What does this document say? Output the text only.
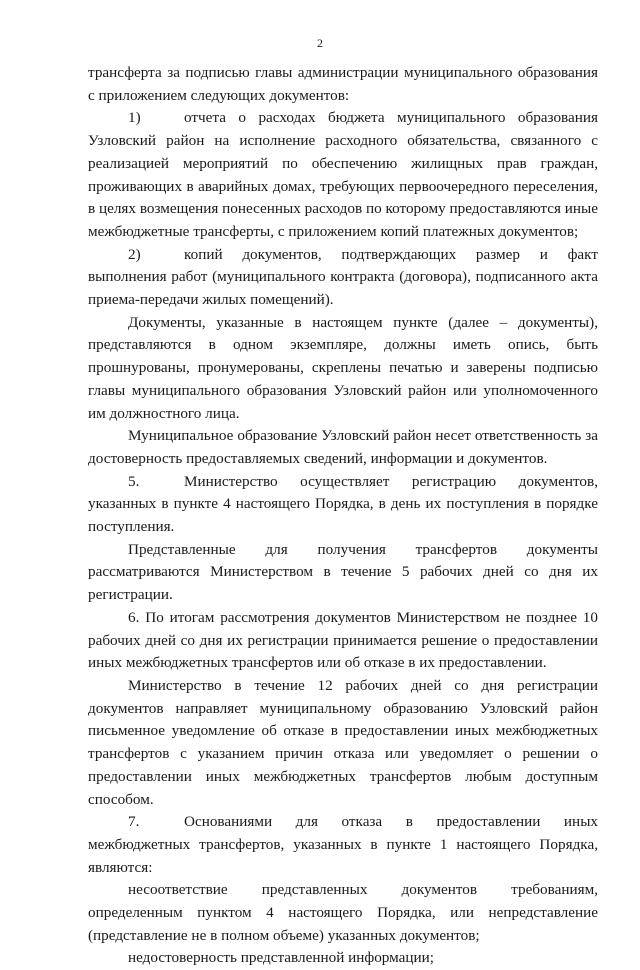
2

трансферта за подписью главы администрации муниципального образования с приложением следующих документов:

1)	отчета о расходах бюджета муниципального образования Узловский район на исполнение расходного обязательства, связанного с реализацией мероприятий по обеспечению жилищных прав граждан, проживающих в аварийных домах, требующих первоочередного переселения, в целях возмещения понесенных расходов по которому предоставляются иные межбюджетные трансферты, с приложением копий платежных документов;

2)	копий документов, подтверждающих размер и факт выполнения работ (муниципального контракта (договора), подписанного акта приема-передачи жилых помещений).

Документы, указанные в настоящем пункте (далее – документы), представляются в одном экземпляре, должны иметь опись, быть прошнурованы, пронумерованы, скреплены печатью и заверены подписью главы муниципального образования Узловский район или уполномоченного им должностного лица.

Муниципальное образование Узловский район несет ответственность за достоверность предоставляемых сведений, информации и документов.

5.	Министерство осуществляет регистрацию документов, указанных в пункте 4 настоящего Порядка, в день их поступления в порядке поступления.

Представленные для получения трансфертов документы рассматриваются Министерством в течение 5 рабочих дней со дня их регистрации.

6. По итогам рассмотрения документов Министерством не позднее 10 рабочих дней со дня их регистрации принимается решение о предоставлении иных межбюджетных трансфертов или об отказе в их предоставлении.

Министерство в течение 12 рабочих дней со дня регистрации документов направляет муниципальному образованию Узловский район письменное уведомление об отказе в предоставлении иных межбюджетных трансфертов с указанием причин отказа или уведомляет о решении о предоставлении иных межбюджетных трансфертов любым доступным способом.

7.	Основаниями для отказа в предоставлении иных межбюджетных трансфертов, указанных в пункте 1 настоящего Порядка, являются:

несоответствие представленных документов требованиям, определенным пунктом 4 настоящего Порядка, или непредставление (представление не в полном объеме) указанных документов;

недостоверность представленной информации;
